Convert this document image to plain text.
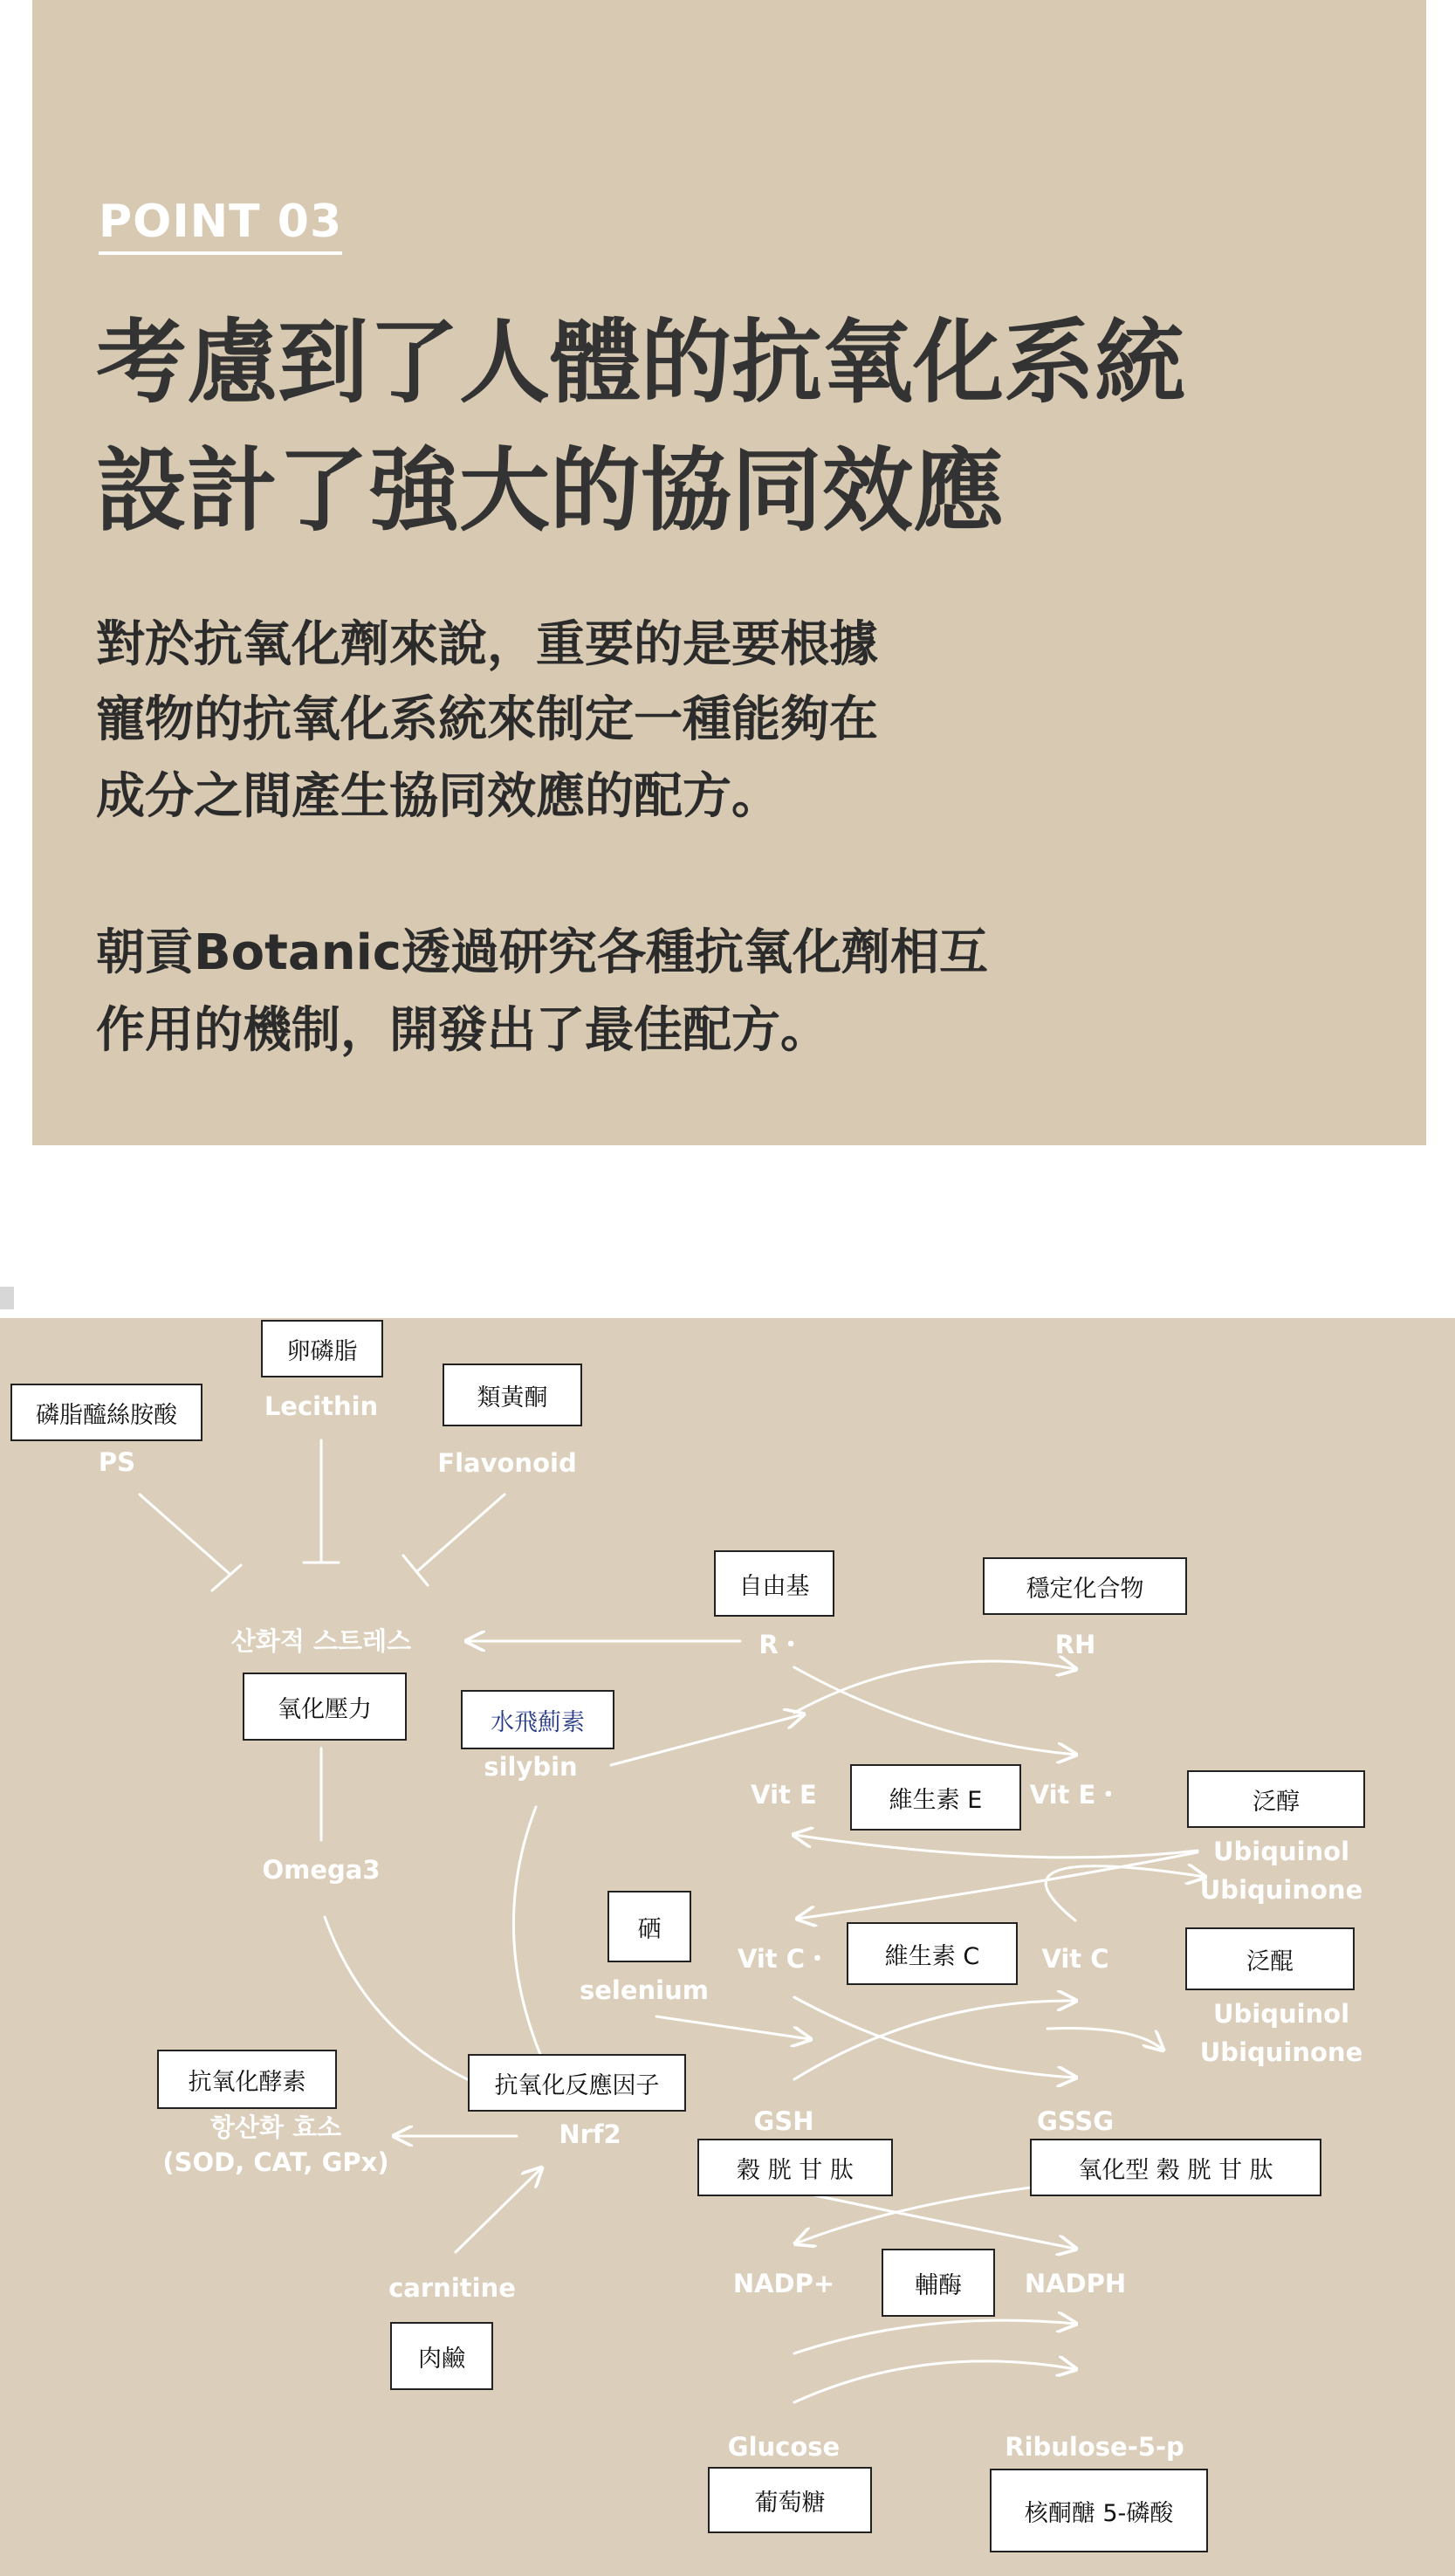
POINT 03
考慮到了人體的抗氧化系統
設計了強大的協同效應
對於抗氧化劑來說，重要的是要根據
寵物的抗氧化系統來制定一種能夠在
成分之間產生協同效應的配方。
朝貢Botanic透過研究各種抗氧化劑相互
作用的機制，開發出了最佳配方。
PS
Lecithin
Flavonoid
산화적 스트레스
Omega3
silybin
selenium
Nrf2
항산화 효소
(SOD, CAT, GPx)
carnitine
R・	RH
Vit E	Vit E・
Ubiquinol
Ubiquinone
Vit C・	Vit C
Ubiquinol
Ubiquinone
GSH	GSSG
NADP+	NADPH
Glucose	Ribulose-5-p
磷脂醯絲胺酸
卵磷脂
類黃酮
自由基	穩定化合物
氧化壓力	水飛薊素
維生素 E	泛醇
硒
維生素 C	泛醌
抗氧化酵素	抗氧化反應因子
穀 胱 甘 肽	氧化型 穀 胱 甘 肽
輔酶
肉鹼
葡萄糖	核酮醣 5-磷酸
